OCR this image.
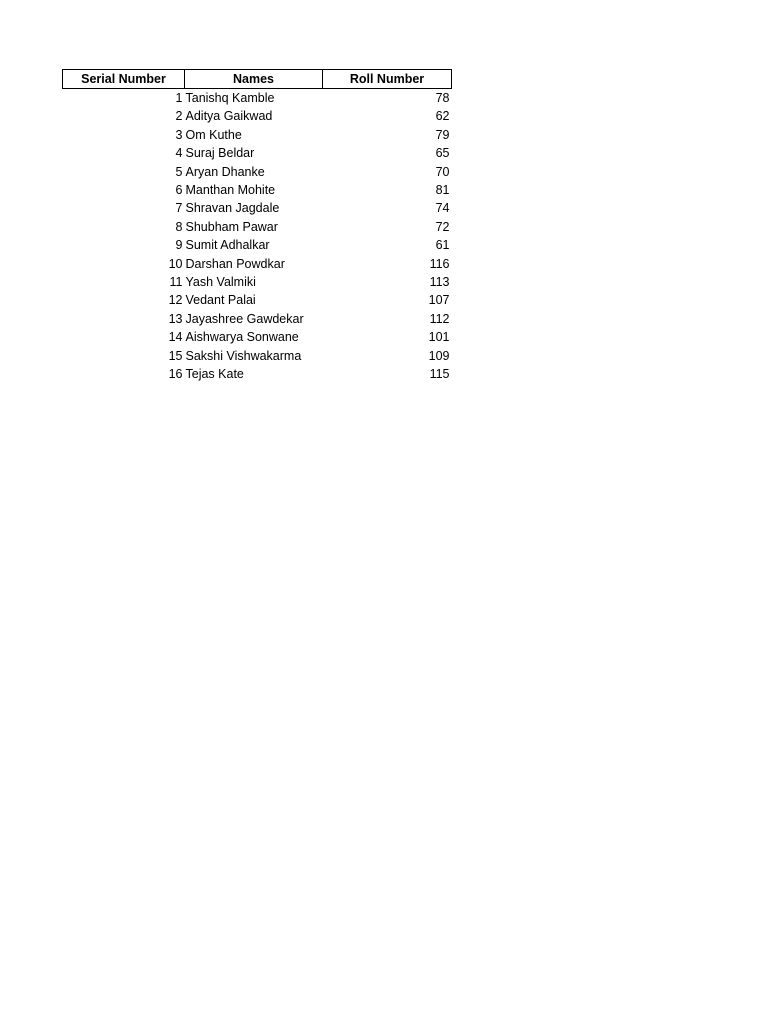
Serial Number	Names	Roll Number
1	Tanishq Kamble	78
2	Aditya Gaikwad	62
3	Om Kuthe	79
4	Suraj Beldar	65
5	Aryan Dhanke	70
6	Manthan Mohite	81
7	Shravan Jagdale	74
8	Shubham Pawar	72
9	Sumit Adhalkar	61
10	Darshan Powdkar	116
11	Yash Valmiki	113
12	Vedant Palai	107
13	Jayashree Gawdekar	112
14	Aishwarya Sonwane	101
15	Sakshi Vishwakarma	109
16	Tejas Kate	115
